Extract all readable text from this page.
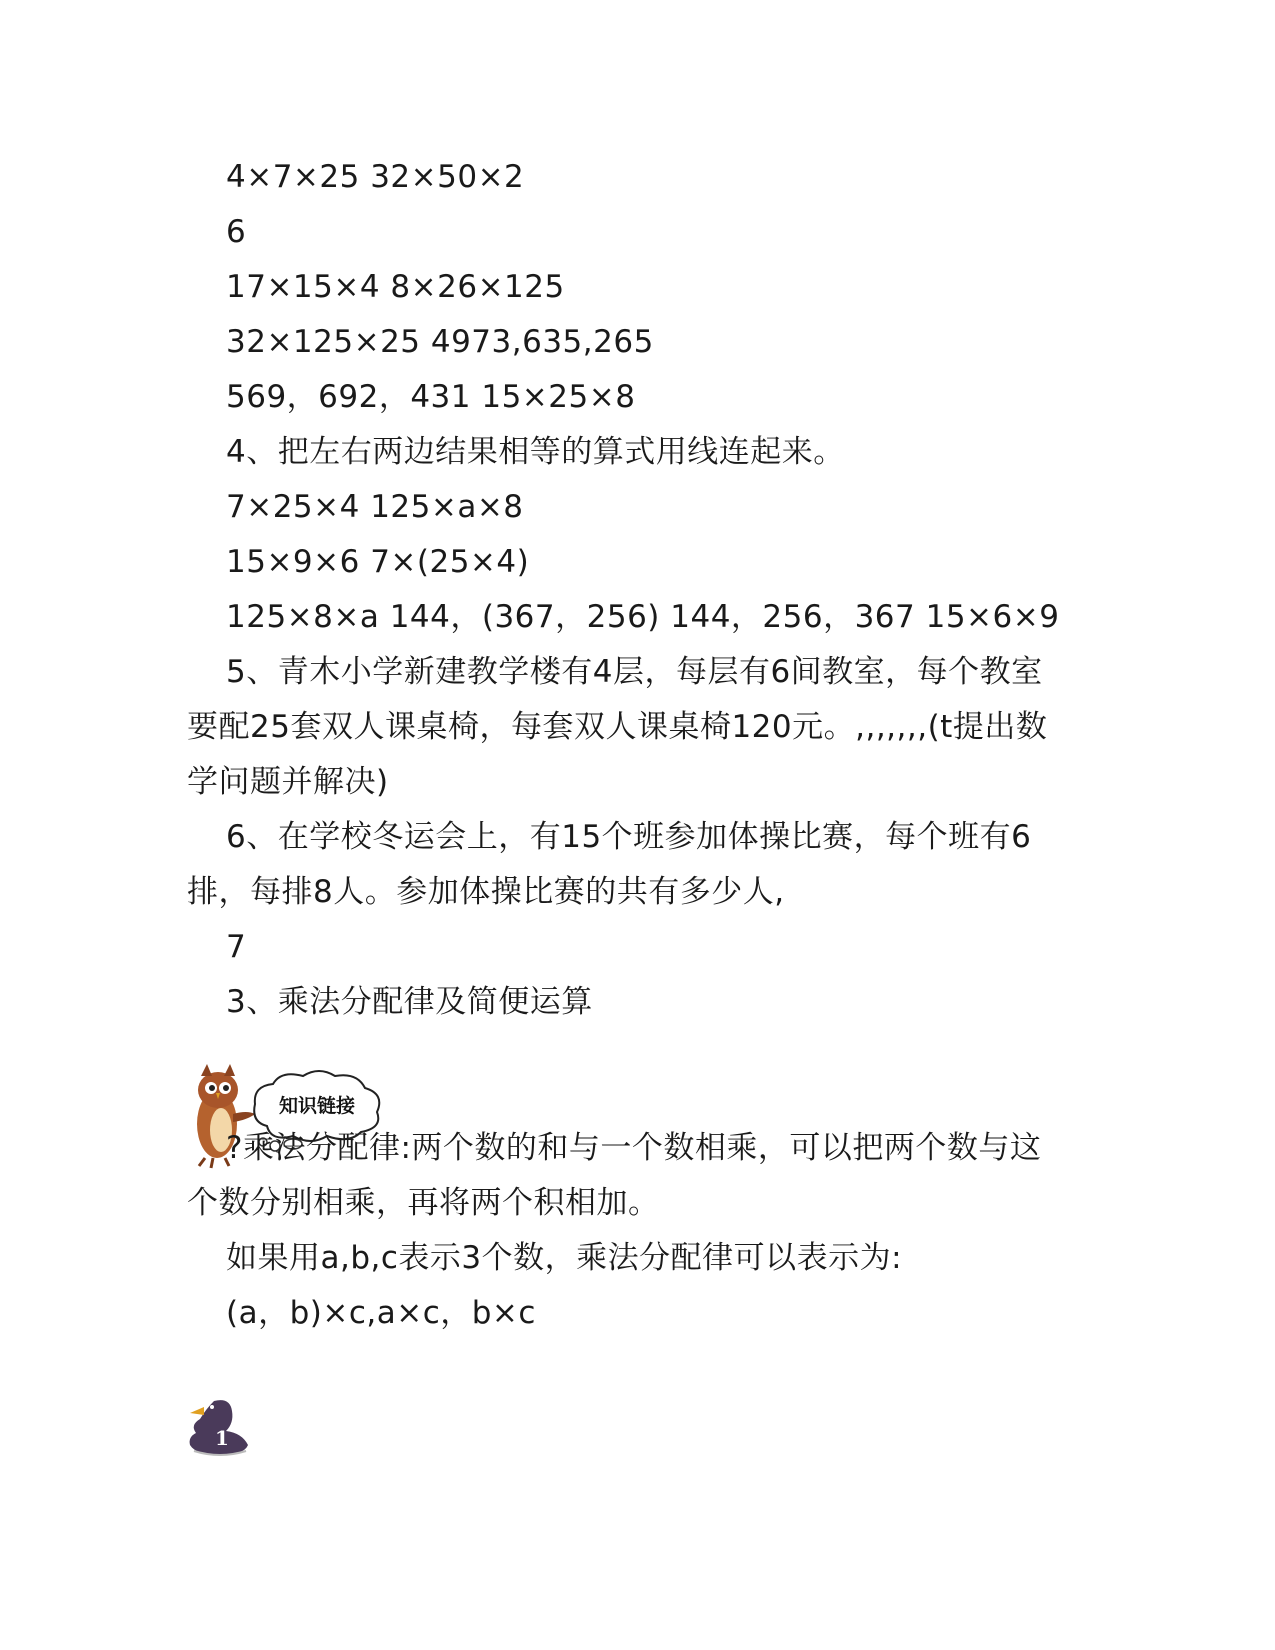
4×7×25 32×50×2
6
17×15×4 8×26×125
32×125×25 4973,635,265
569，692，431 15×25×8
4、把左右两边结果相等的算式用线连起来。
7×25×4 125×a×8
15×9×6 7×(25×4)
125×8×a 144，(367，256) 144，256，367 15×6×9
5、青木小学新建教学楼有4层，每层有6间教室，每个教室
要配25套双人课桌椅，每套双人课桌椅120元。,,,,,,,(t提出数
学问题并解决)
6、在学校冬运会上，有15个班参加体操比赛，每个班有6
排，每排8人。参加体操比赛的共有多少人,
7
3、乘法分配律及简便运算
知识链接
?乘法分配律:两个数的和与一个数相乘，可以把两个数与这
个数分别相乘，再将两个积相加。
如果用a,b,c表示3个数，乘法分配律可以表示为:
(a，b)×c,a×c，b×c
1
